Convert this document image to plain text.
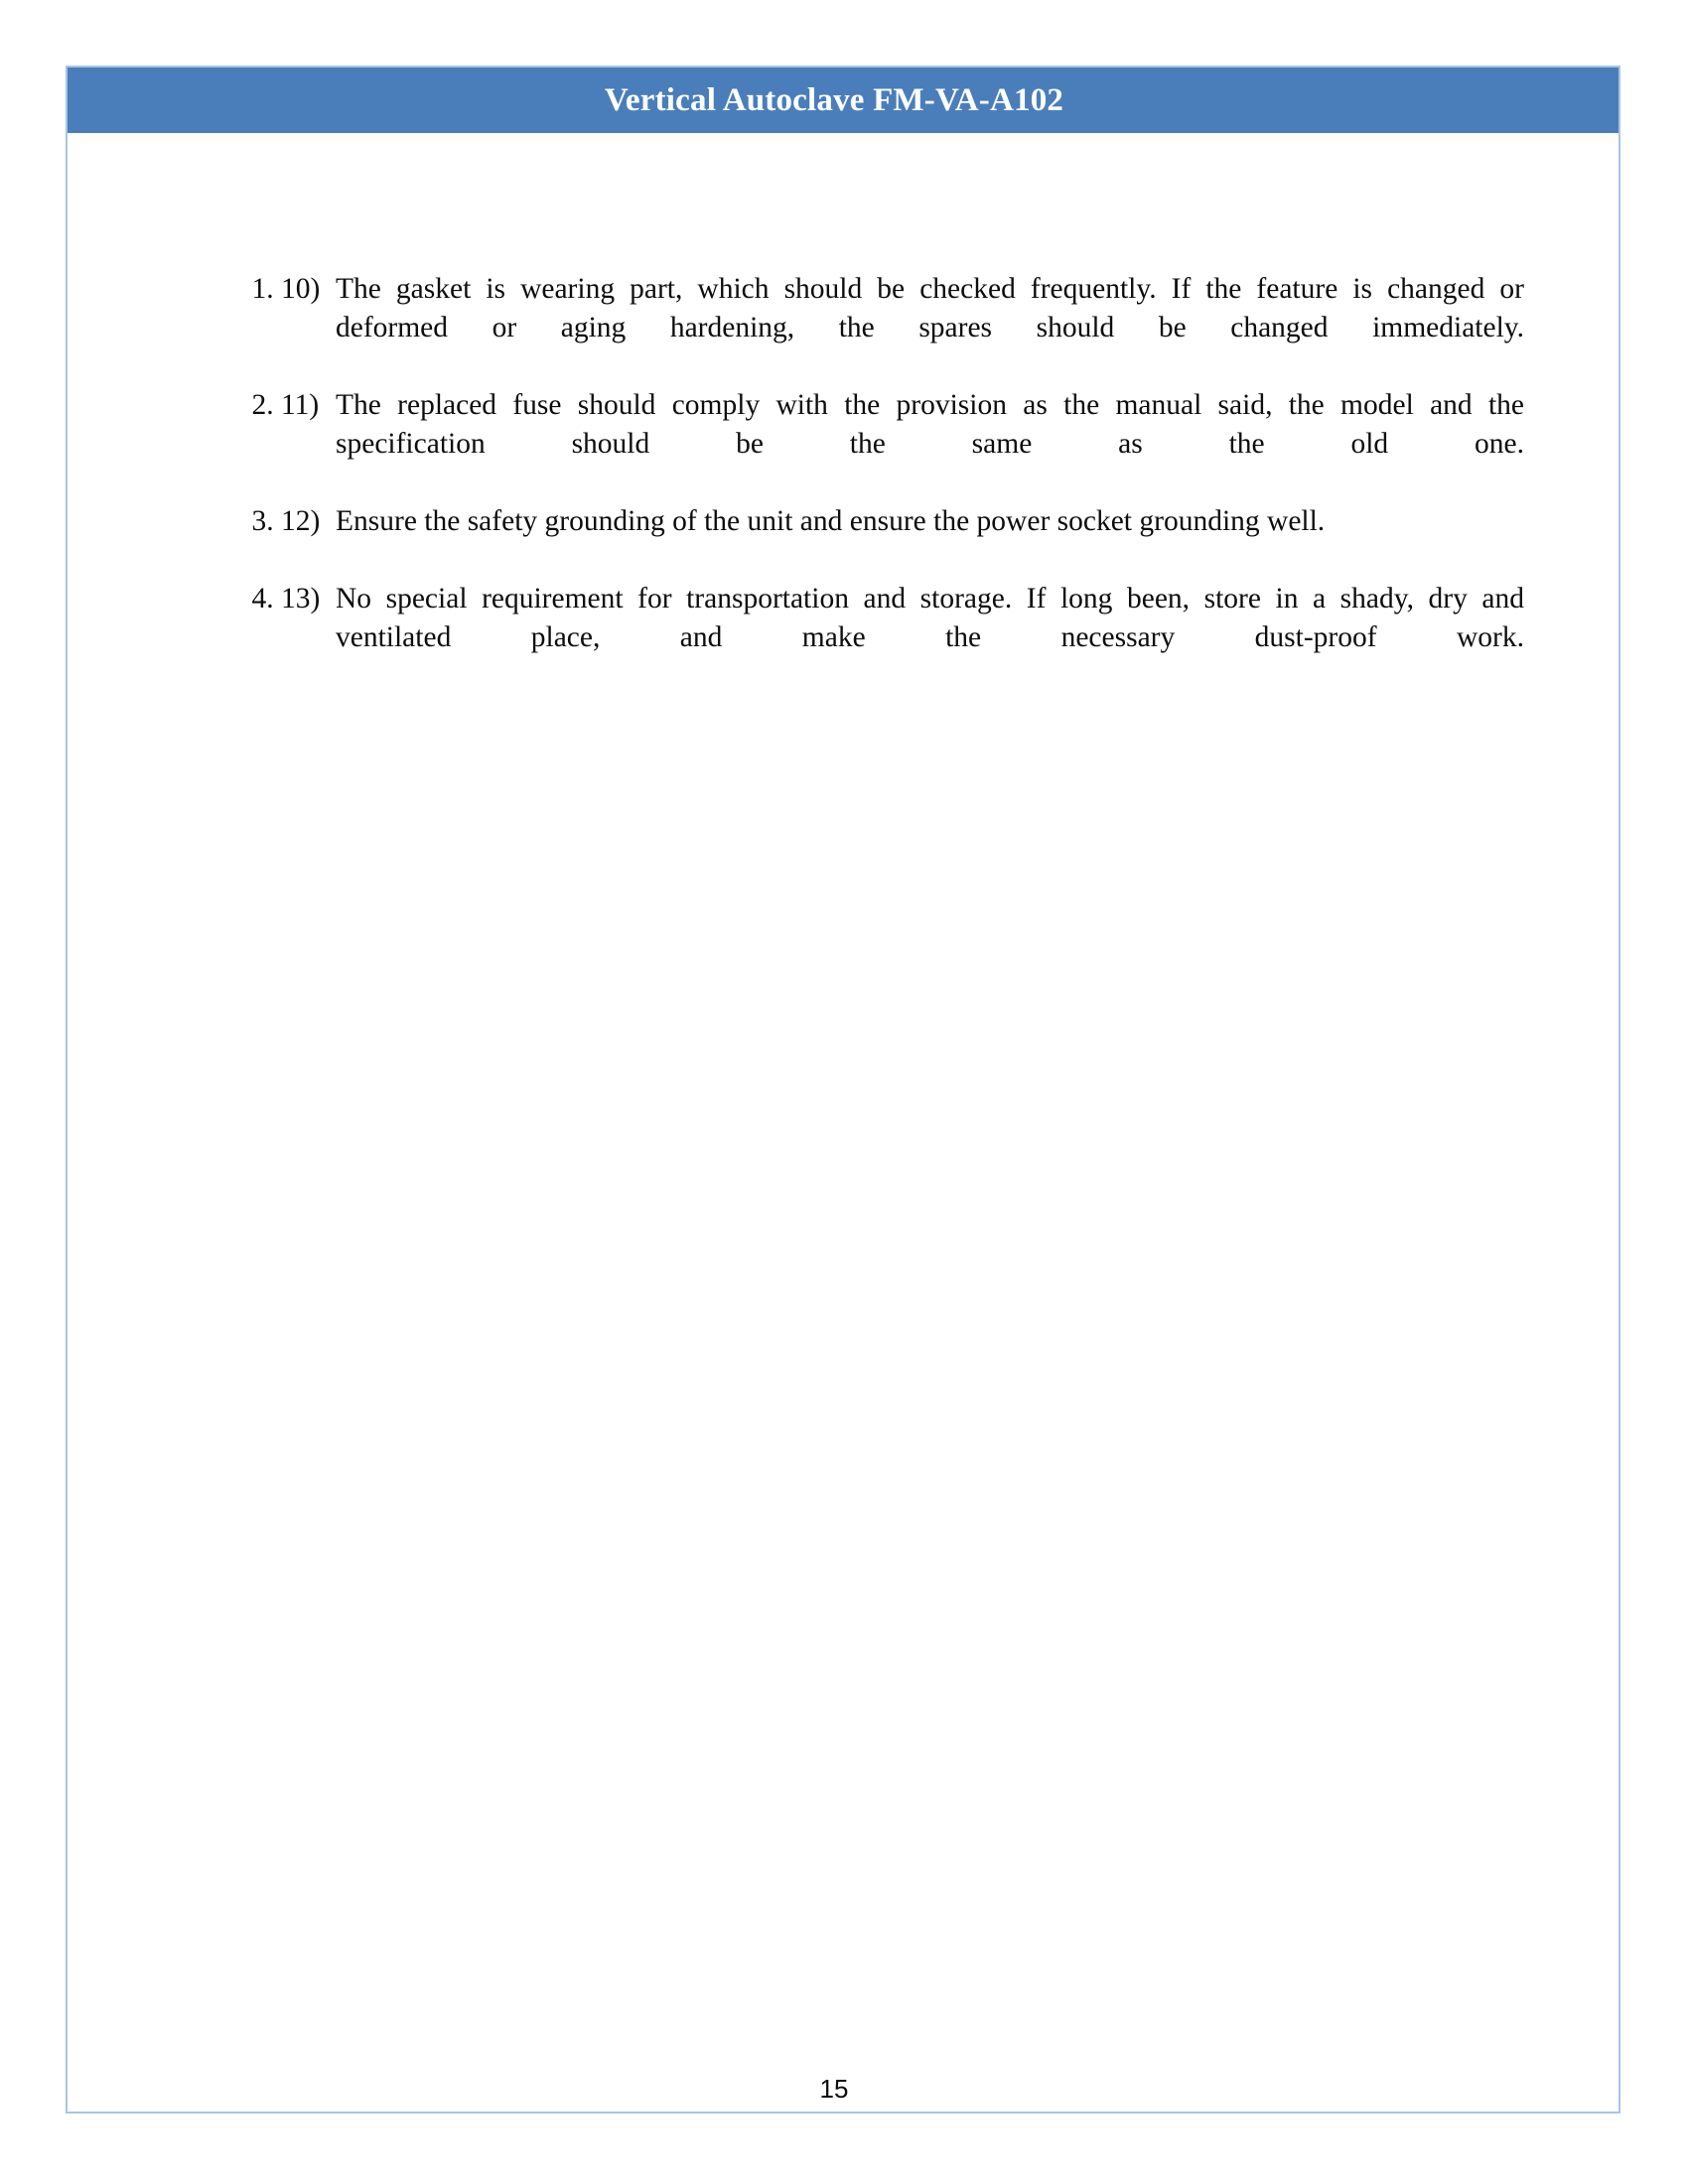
Vertical Autoclave FM-VA-A102
1. 10) The gasket is wearing part, which should be checked frequently. If the feature is changed or deformed or aging hardening, the spares should be changed immediately.
2. 11) The replaced fuse should comply with the provision as the manual said, the model and the specification should be the same as the old one.
3. 12) Ensure the safety grounding of the unit and ensure the power socket grounding well.
4. 13) No special requirement for transportation and storage. If long been, store in a shady, dry and ventilated place, and make the necessary dust-proof work.
15
